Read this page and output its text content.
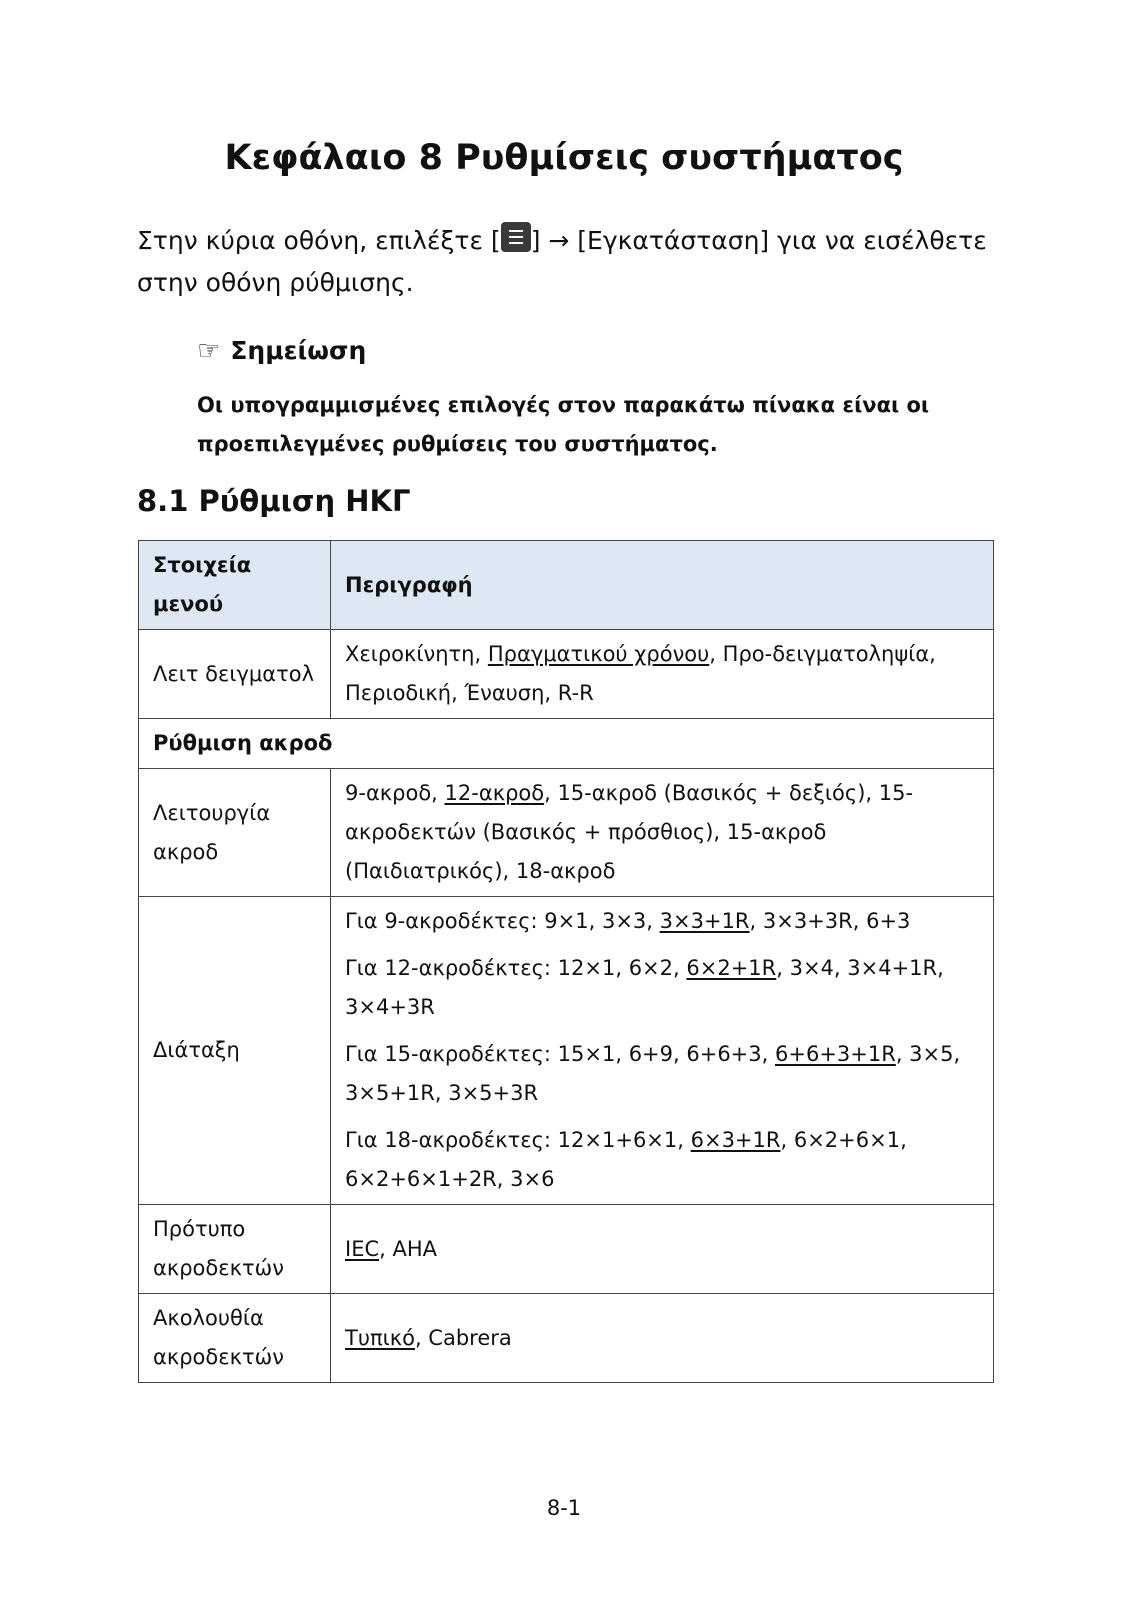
Κεφάλαιο 8 Ρυθμίσεις συστήματος

Στην κύρια οθόνη, επιλέξτε [ ] → [Εγκατάσταση] για να εισέλθετε στην οθόνη ρύθμισης.

☞ Σημείωση

Οι υπογραμμισμένες επιλογές στον παρακάτω πίνακα είναι οι προεπιλεγμένες ρυθμίσεις του συστήματος.

8.1 Ρύθμιση ΗΚΓ
Στοιχεία μενού	Περιγραφή
Λειτ δειγματολ	Χειροκίνητη, Πραγματικού χρόνου, Προ-δειγματοληψία, Περιοδική, Έναυση, R-R
Ρύθμιση ακροδ	
Λειτουργία ακροδ	9-ακροδ, 12-ακροδ, 15-ακροδ (Βασικός + δεξιός), 15-ακροδεκτών (Βασικός + πρόσθιος), 15-ακροδ (Παιδιατρικός), 18-ακροδ
Διάταξη	Για 9-ακροδέκτες: 9×1, 3×3, 3×3+1R, 3×3+3R, 6+3

Για 12-ακροδέκτες: 12×1, 6×2, 6×2+1R, 3×4, 3×4+1R, 3×4+3R

Για 15-ακροδέκτες: 15×1, 6+9, 6+6+3, 6+6+3+1R, 3×5, 3×5+1R, 3×5+3R

Για 18-ακροδέκτες: 12×1+6×1, 6×3+1R, 6×2+6×1, 6×2+6×1+2R, 3×6

Πρότυπο ακροδεκτών	IEC, AHA
Ακολουθία ακροδεκτών	Τυπικό, Cabrera
8-1
